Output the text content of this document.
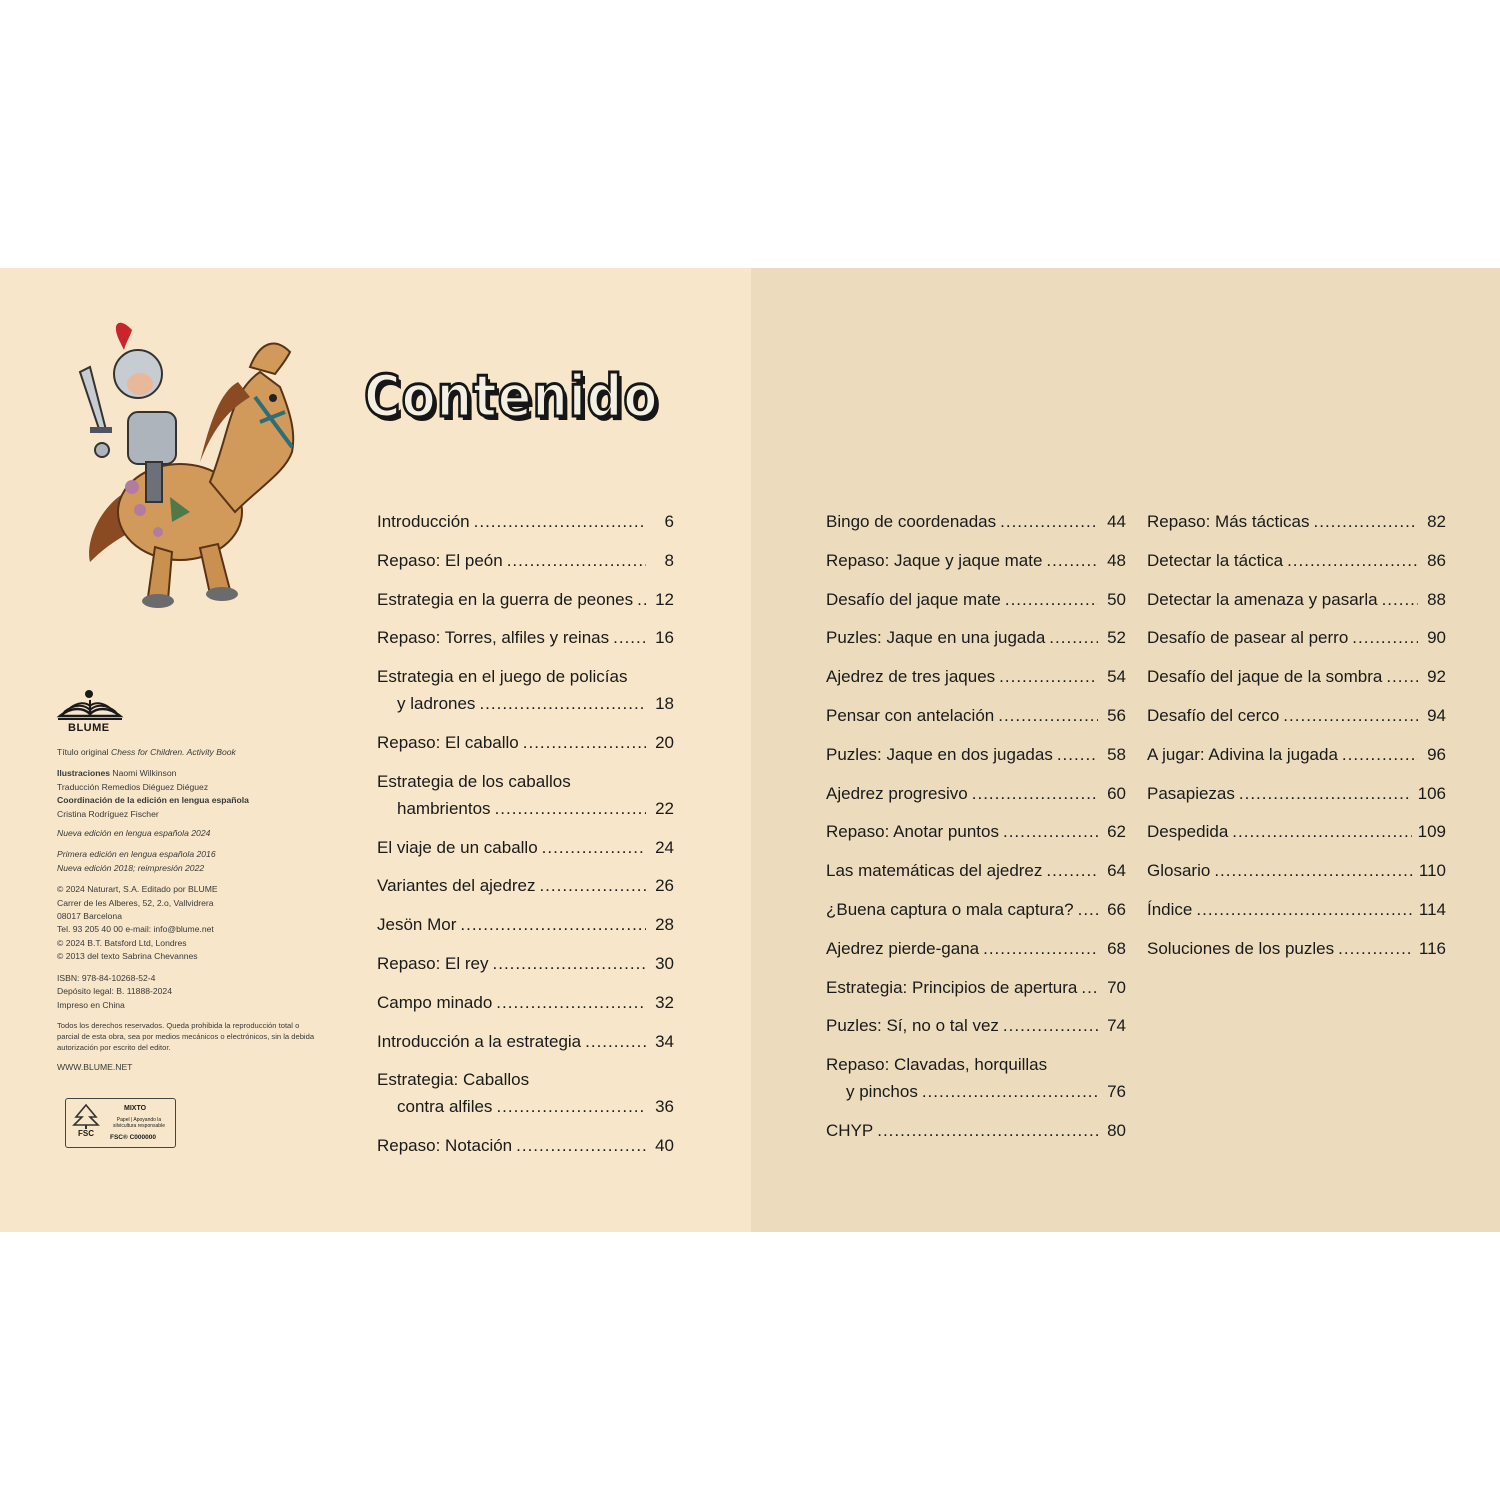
Contenido
Introducción .....	6
Repaso: El peón .....	8
Estrategia en la guerra de peones ..... 12
Repaso: Torres, alfiles y reinas .....	16
Estrategia en el juego de policías
y ladrones .....	18
Repaso: El caballo .....	20
Estrategia de los caballos
hambrientos .....	22
El viaje de un caballo .....	24
Variantes del ajedrez .....	26
Jesön Mor .....	28
Repaso: El rey .....	30
Campo minado .....	32
Introducción a la estrategia .....	34
Estrategia: Caballos
contra alfiles .....	36
Repaso: Notación .....	40
Bingo de coordenadas .....	44
Repaso: Jaque y jaque mate .....	48
Desafío del jaque mate .....	50
Puzles: Jaque en una jugada .....	52
Ajedrez de tres jaques .....	54
Pensar con antelación .....	56
Puzles: Jaque en dos jugadas .....	58
Ajedrez progresivo .....	60
Repaso: Anotar puntos .....	62
Las matemáticas del ajedrez .....	64
¿Buena captura o mala captura? ..... 66
Ajedrez pierde-gana .....	68
Estrategia: Principios de apertura ..... 70
Puzles: Sí, no o tal vez .....	74
Repaso: Clavadas, horquillas
y pinchos .....	76
CHYP .....	80
Repaso: Más tácticas .....	82
Detectar la táctica .....	86
Detectar la amenaza y pasarla .....	88
Desafío de pasear al perro .....	90
Desafío del jaque de la sombra .....	92
Desafío del cerco .....	94
A jugar: Adivina la jugada .....	96
Pasapiezas .....	106
Despedida .....	109
Glosario .....	110
Índice .....	114
Soluciones de los puzles .....	116
BLUME

Título original Chess for Children. Activity Book

Ilustraciones Naomi Wilkinson
Traducción Remedios Diéguez Diéguez
Coordinación de la edición en lengua española
Cristina Rodríguez Fischer

Nueva edición en lengua española 2024

Primera edición en lengua española 2016
Nueva edición 2018; reimpresión 2022

© 2024 Naturart, S.A. Editado por BLUME
Carrer de les Alberes, 52, 2.o, Vallvidrera
08017 Barcelona
Tel. 93 205 40 00 e-mail: info@blume.net
© 2024 B.T. Batsford Ltd, Londres
© 2013 del texto Sabrina Chevannes

ISBN: 978-84-10268-52-4
Depósito legal: B. 11888-2024
Impreso en China

Todos los derechos reservados. Queda prohibida la reproducción total o parcial de esta obra, sea por medios mecánicos o electrónicos, sin la debida autorización por escrito del editor.

WWW.BLUME.NET

FSC
MIXTO
Papel | Apoyando la silvicultura responsable
FSC® C000000
